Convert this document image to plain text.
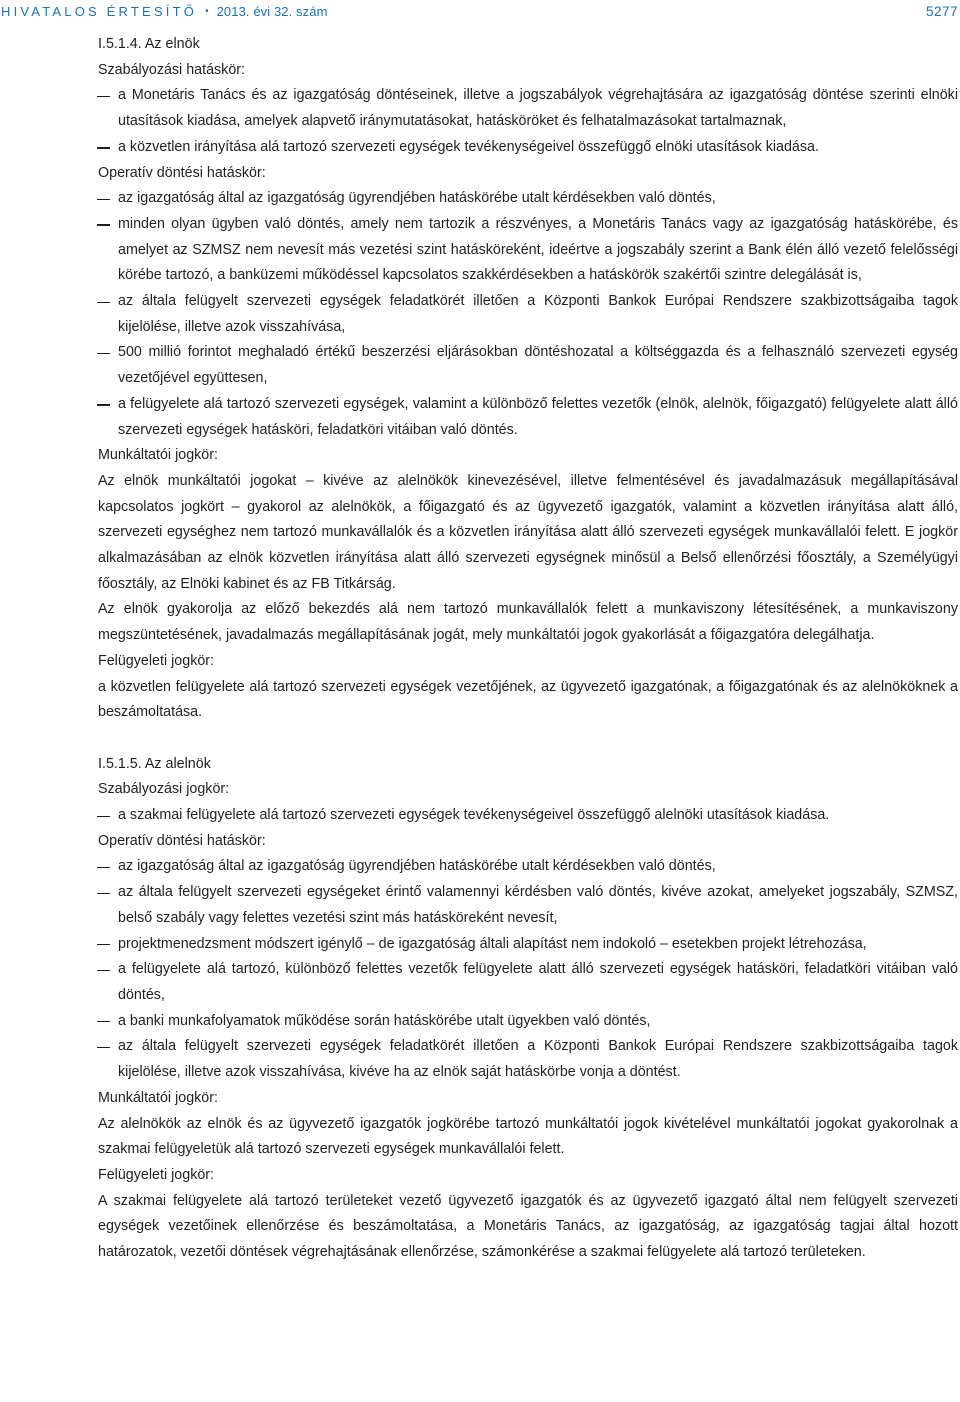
HIVATALOS ÉRTESÍTŐ • 2013. évi 32. szám	5277

I.5.1.4. Az elnök

Szabályozási hatáskör:

a Monetáris Tanács és az igazgatóság döntéseinek, illetve a jogszabályok végrehajtására az igazgatóság döntése szerinti elnöki utasítások kiadása, amelyek alapvető iránymutatásokat, hatásköröket és felhatalmazásokat tartalmaznak,
a közvetlen irányítása alá tartozó szervezeti egységek tevékenységeivel összefüggő elnöki utasítások kiadása.

Operatív döntési hatáskör:

az igazgatóság által az igazgatóság ügyrendjében hatáskörébe utalt kérdésekben való döntés,
minden olyan ügyben való döntés, amely nem tartozik a részvényes, a Monetáris Tanács vagy az igazgatóság hatáskörébe, és amelyet az SZMSZ nem nevesít más vezetési szint hatásköreként, ideértve a jogszabály szerint a Bank élén álló vezető felelősségi körébe tartozó, a banküzemi működéssel kapcsolatos szakkérdésekben a hatáskörök szakértői szintre delegálását is,
az általa felügyelt szervezeti egységek feladatkörét illetően a Központi Bankok Európai Rendszere szakbizottságaiba tagok kijelölése, illetve azok visszahívása,
500 millió forintot meghaladó értékű beszerzési eljárásokban döntéshozatal a költséggazda és a felhasználó szervezeti egység vezetőjével együttesen,
a felügyelete alá tartozó szervezeti egységek, valamint a különböző felettes vezetők (elnök, alelnök, főigazgató) felügyelete alatt álló szervezeti egységek hatásköri, feladatköri vitáiban való döntés.

Munkáltatói jogkör:

Az elnök munkáltatói jogokat – kivéve az alelnökök kinevezésével, illetve felmentésével és javadalmazásuk megállapításával kapcsolatos jogkört – gyakorol az alelnökök, a főigazgató és az ügyvezető igazgatók, valamint a közvetlen irányítása alatt álló, szervezeti egységhez nem tartozó munkavállalók és a közvetlen irányítása alatt álló szervezeti egységek munkavállalói felett. E jogkör alkalmazásában az elnök közvetlen irányítása alatt álló szervezeti egységnek minősül a Belső ellenőrzési főosztály, a Személyügyi főosztály, az Elnöki kabinet és az FB Titkárság.

Az elnök gyakorolja az előző bekezdés alá nem tartozó munkavállalók felett a munkaviszony létesítésének, a munkaviszony megszüntetésének, javadalmazás megállapításának jogát, mely munkáltatói jogok gyakorlását a főigazgatóra delegálhatja.

Felügyeleti jogkör:

a közvetlen felügyelete alá tartozó szervezeti egységek vezetőjének, az ügyvezető igazgatónak, a főigazgatónak és az alelnököknek a beszámoltatása.

I.5.1.5. Az alelnök

Szabályozási jogkör:

a szakmai felügyelete alá tartozó szervezeti egységek tevékenységeivel összefüggő alelnöki utasítások kiadása.

Operatív döntési hatáskör:

az igazgatóság által az igazgatóság ügyrendjében hatáskörébe utalt kérdésekben való döntés,
az általa felügyelt szervezeti egységeket érintő valamennyi kérdésben való döntés, kivéve azokat, amelyeket jogszabály, SZMSZ, belső szabály vagy felettes vezetési szint más hatásköreként nevesít,
projektmenedzsment módszert igénylő – de igazgatóság általi alapítást nem indokoló – esetekben projekt létrehozása,
a felügyelete alá tartozó, különböző felettes vezetők felügyelete alatt álló szervezeti egységek hatásköri, feladatköri vitáiban való döntés,
a banki munkafolyamatok működése során hatáskörébe utalt ügyekben való döntés,
az általa felügyelt szervezeti egységek feladatkörét illetően a Központi Bankok Európai Rendszere szakbizottságaiba tagok kijelölése, illetve azok visszahívása, kivéve ha az elnök saját hatáskörbe vonja a döntést.

Munkáltatói jogkör:

Az alelnökök az elnök és az ügyvezető igazgatók jogkörébe tartozó munkáltatói jogok kivételével munkáltatói jogokat gyakorolnak a szakmai felügyeletük alá tartozó szervezeti egységek munkavállalói felett.

Felügyeleti jogkör:

A szakmai felügyelete alá tartozó területeket vezető ügyvezető igazgatók és az ügyvezető igazgató által nem felügyelt szervezeti egységek vezetőinek ellenőrzése és beszámoltatása, a Monetáris Tanács, az igazgatóság, az igazgatóság tagjai által hozott határozatok, vezetői döntések végrehajtásának ellenőrzése, számonkérése a szakmai felügyelete alá tartozó területeken.
